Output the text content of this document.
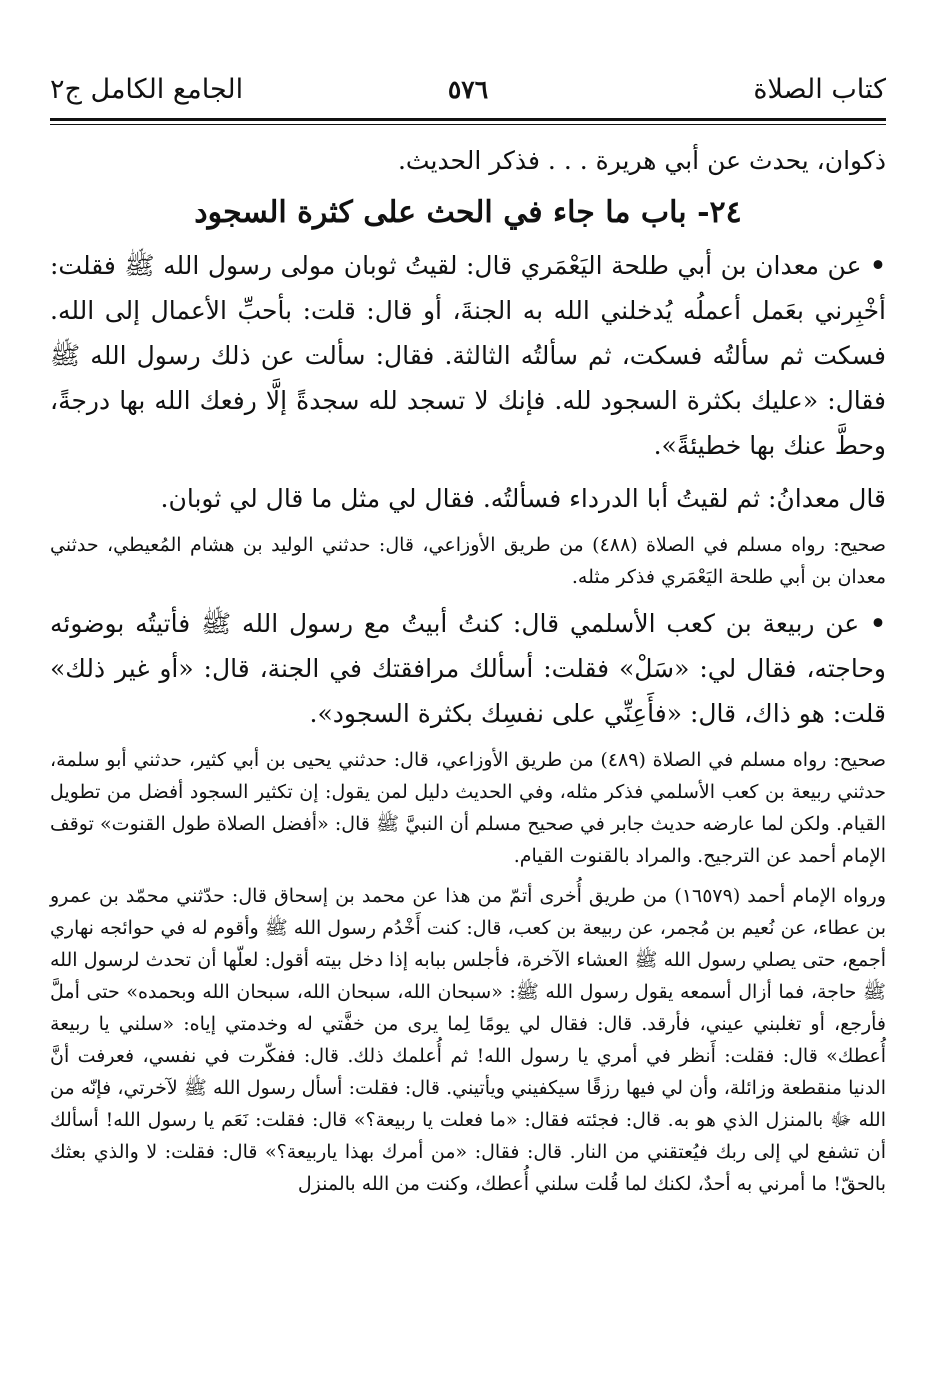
كتاب الصلاة
٥٧٦
الجامع الكامل ج٢

ذكوان، يحدث عن أبي هريرة . . . فذكر الحديث.

٢٤- باب ما جاء في الحث على كثرة السجود

• عن معدان بن أبي طلحة اليَعْمَري قال: لقيتُ ثوبان مولى رسول الله ﷺ فقلت: أخْبِرني بعَمل أعملُه يُدخلني الله به الجنةَ، أو قال: قلت: بأحبِّ الأعمال إلى الله. فسكت ثم سألتُه فسكت، ثم سألتُه الثالثة. فقال: سألت عن ذلك رسول الله ﷺ فقال: «عليك بكثرة السجود لله. فإنك لا تسجد لله سجدةً إلَّا رفعك الله بها درجةً، وحطَّ عنك بها خطيئةً».

قال معدانُ: ثم لقيتُ أبا الدرداء فسألتُه. فقال لي مثل ما قال لي ثوبان.

صحيح: رواه مسلم في الصلاة (٤٨٨) من طريق الأوزاعي، قال: حدثني الوليد بن هشام المُعيطي، حدثني معدان بن أبي طلحة اليَعْمَري فذكر مثله.

• عن ربيعة بن كعب الأسلمي قال: كنتُ أبيتُ مع رسول الله ﷺ فأتيتُه بوضوئه وحاجته، فقال لي: «سَلْ» فقلت: أسألك مرافقتك في الجنة، قال: «أو غير ذلك» قلت: هو ذاك، قال: «فأَعِنِّي على نفسِك بكثرة السجود».

صحيح: رواه مسلم في الصلاة (٤٨٩) من طريق الأوزاعي، قال: حدثني يحيى بن أبي كثير، حدثني أبو سلمة، حدثني ربيعة بن كعب الأسلمي فذكر مثله، وفي الحديث دليل لمن يقول: إن تكثير السجود أفضل من تطويل القيام. ولكن لما عارضه حديث جابر في صحيح مسلم أن النبيَّ ﷺ قال: «أفضل الصلاة طول القنوت» توقف الإمام أحمد عن الترجيح. والمراد بالقنوت القيام.

ورواه الإمام أحمد (١٦٥٧٩) من طريق أُخرى أتمّ من هذا عن محمد بن إسحاق قال: حدّثني محمّد بن عمرو بن عطاء، عن نُعيم بن مُجمر، عن ربيعة بن كعب، قال: كنت أَخْدُم رسول الله ﷺ وأقوم له في حوائجه نهاري أجمع، حتى يصلي رسول الله ﷺ العشاء الآخرة، فأجلس ببابه إذا دخل بيته أقول: لعلّها أن تحدث لرسول الله ﷺ حاجة، فما أزال أسمعه يقول رسول الله ﷺ: «سبحان الله، سبحان الله، سبحان الله وبحمده» حتى أملَّ فأرجع، أو تغلبني عيني، فأرقد. قال: فقال لي يومًا لِما يرى من خفَّتي له وخدمتي إياه: «سلني يا ربيعة أُعطك» قال: فقلت: أَنظر في أمري يا رسول الله! ثم أُعلمك ذلك. قال: ففكّرت في نفسي، فعرفت أنَّ الدنيا منقطعة وزائلة، وأن لي فيها رزقًا سيكفيني ويأتيني. قال: فقلت: أسأل رسول الله ﷺ لآخرتي، فإنّه من الله ﷻ بالمنزل الذي هو به. قال: فجئته فقال: «ما فعلت يا ربيعة؟» قال: فقلت: نَعَم يا رسول الله! أسألك أن تشفع لي إلى ربك فيُعتقني من النار. قال: فقال: «من أمرك بهذا ياربيعة؟» قال: فقلت: لا والذي بعثك بالحقّ! ما أمرني به أحدٌ، لكنك لما قُلت سلني أُعطك، وكنت من الله بالمنزل
